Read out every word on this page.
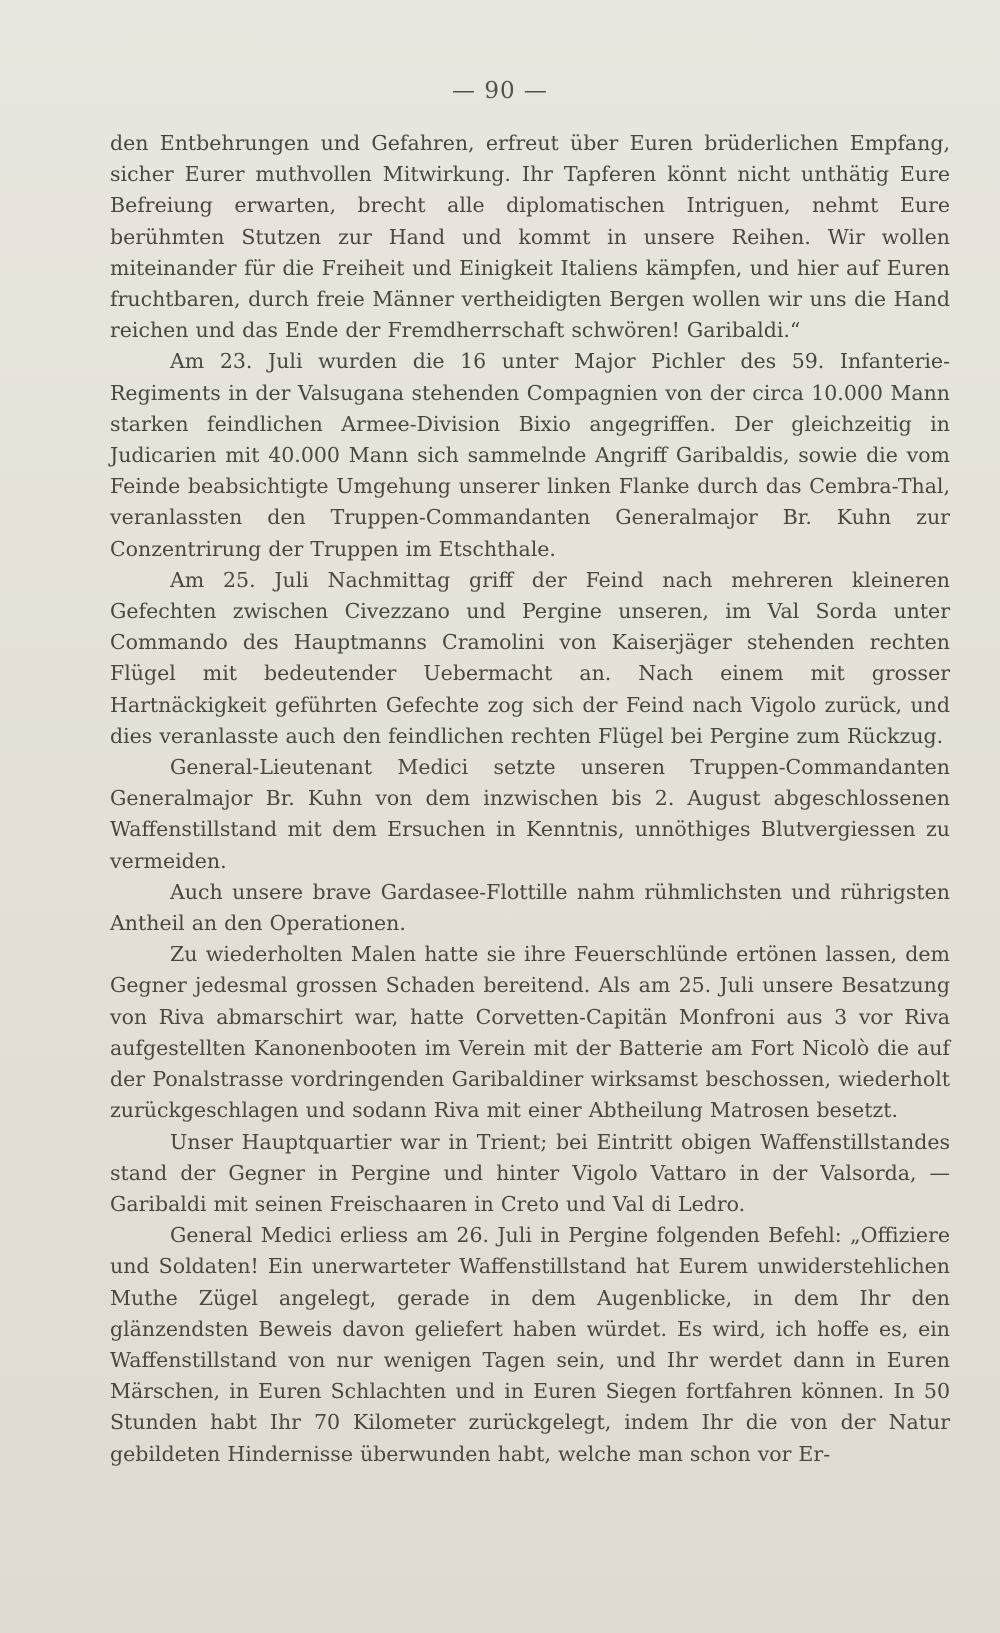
— 90 —

den Entbehrungen und Gefahren, erfreut über Euren brüderlichen Empfang, sicher Eurer muthvollen Mitwirkung. Ihr Tapferen könnt nicht unthätig Eure Befreiung erwarten, brecht alle diplomatischen Intriguen, nehmt Eure berühmten Stutzen zur Hand und kommt in unsere Reihen. Wir wollen miteinander für die Freiheit und Einigkeit Italiens kämpfen, und hier auf Euren fruchtbaren, durch freie Männer vertheidigten Bergen wollen wir uns die Hand reichen und das Ende der Fremdherrschaft schwören! Garibaldi.“

Am 23. Juli wurden die 16 unter Major Pichler des 59. Infanterie-Regiments in der Valsugana stehenden Compagnien von der circa 10.000 Mann starken feindlichen Armee-Division Bixio angegriffen. Der gleichzeitig in Judicarien mit 40.000 Mann sich sammelnde Angriff Garibaldis, sowie die vom Feinde beabsichtigte Umgehung unserer linken Flanke durch das Cembra-Thal, veranlassten den Truppen-Commandanten Generalmajor Br. Kuhn zur Conzentrirung der Truppen im Etschthale.

Am 25. Juli Nachmittag griff der Feind nach mehreren kleineren Gefechten zwischen Civezzano und Pergine unseren, im Val Sorda unter Commando des Hauptmanns Cramolini von Kaiserjäger stehenden rechten Flügel mit bedeutender Uebermacht an. Nach einem mit grosser Hartnäckigkeit geführten Gefechte zog sich der Feind nach Vigolo zurück, und dies veranlasste auch den feindlichen rechten Flügel bei Pergine zum Rückzug.

General-Lieutenant Medici setzte unseren Truppen-Commandanten Generalmajor Br. Kuhn von dem inzwischen bis 2. August abgeschlossenen Waffenstillstand mit dem Ersuchen in Kenntnis, unnöthiges Blutvergiessen zu vermeiden.

Auch unsere brave Gardasee-Flottille nahm rühmlichsten und rührigsten Antheil an den Operationen.

Zu wiederholten Malen hatte sie ihre Feuerschlünde ertönen lassen, dem Gegner jedesmal grossen Schaden bereitend. Als am 25. Juli unsere Besatzung von Riva abmarschirt war, hatte Corvetten-Capitän Monfroni aus 3 vor Riva aufgestellten Kanonenbooten im Verein mit der Batterie am Fort Nicolò die auf der Ponalstrasse vordringenden Garibaldiner wirksamst beschossen, wiederholt zurückgeschlagen und sodann Riva mit einer Abtheilung Matrosen besetzt.

Unser Hauptquartier war in Trient; bei Eintritt obigen Waffenstillstandes stand der Gegner in Pergine und hinter Vigolo Vattaro in der Valsorda, — Garibaldi mit seinen Freischaaren in Creto und Val di Ledro.

General Medici erliess am 26. Juli in Pergine folgenden Befehl: „Offiziere und Soldaten! Ein unerwarteter Waffenstillstand hat Eurem unwiderstehlichen Muthe Zügel angelegt, gerade in dem Augenblicke, in dem Ihr den glänzendsten Beweis davon geliefert haben würdet. Es wird, ich hoffe es, ein Waffenstillstand von nur wenigen Tagen sein, und Ihr werdet dann in Euren Märschen, in Euren Schlachten und in Euren Siegen fortfahren können. In 50 Stunden habt Ihr 70 Kilometer zurückgelegt, indem Ihr die von der Natur gebildeten Hindernisse überwunden habt, welche man schon vor Er-
